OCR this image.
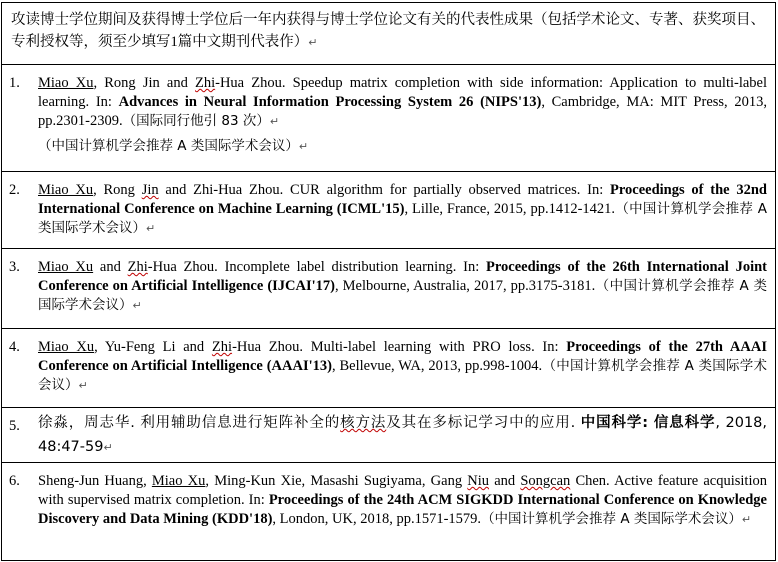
攻读博士学位期间及获得博士学位后一年内获得与博士学位论文有关的代表性成果（包括学术论文、专著、获奖项目、专利授权等，须至少填写1篇中文期刊代表作）↵
1. Miao Xu, Rong Jin and Zhi-Hua Zhou. Speedup matrix completion with side information: Application to multi-label learning. In: Advances in Neural Information Processing System 26 (NIPS'13), Cambridge, MA: MIT Press, 2013, pp.2301-2309.（国际同行他引 83 次）↵
（中国计算机学会推荐 A 类国际学术会议）↵
2. Miao Xu, Rong Jin and Zhi-Hua Zhou. CUR algorithm for partially observed matrices. In: Proceedings of the 32nd International Conference on Machine Learning (ICML'15), Lille, France, 2015, pp.1412-1421.（中国计算机学会推荐 A 类国际学术会议）↵
3. Miao Xu and Zhi-Hua Zhou. Incomplete label distribution learning. In: Proceedings of the 26th International Joint Conference on Artificial Intelligence (IJCAI'17), Melbourne, Australia, 2017, pp.3175-3181.（中国计算机学会推荐 A 类国际学术会议）↵
4. Miao Xu, Yu-Feng Li and Zhi-Hua Zhou. Multi-label learning with PRO loss. In: Proceedings of the 27th AAAI Conference on Artificial Intelligence (AAAI'13), Bellevue, WA, 2013, pp.998-1004.（中国计算机学会推荐 A 类国际学术会议）↵
5. 徐淼，周志华. 利用辅助信息进行矩阵补全的核方法及其在多标记学习中的应用. 中国科学: 信息科学, 2018, 48:47-59↵
6. Sheng-Jun Huang, Miao Xu, Ming-Kun Xie, Masashi Sugiyama, Gang Niu and Songcan Chen. Active feature acquisition with supervised matrix completion. In: Proceedings of the 24th ACM SIGKDD International Conference on Knowledge Discovery and Data Mining (KDD'18), London, UK, 2018, pp.1571-1579.（中国计算机学会推荐 A 类国际学术会议）↵
